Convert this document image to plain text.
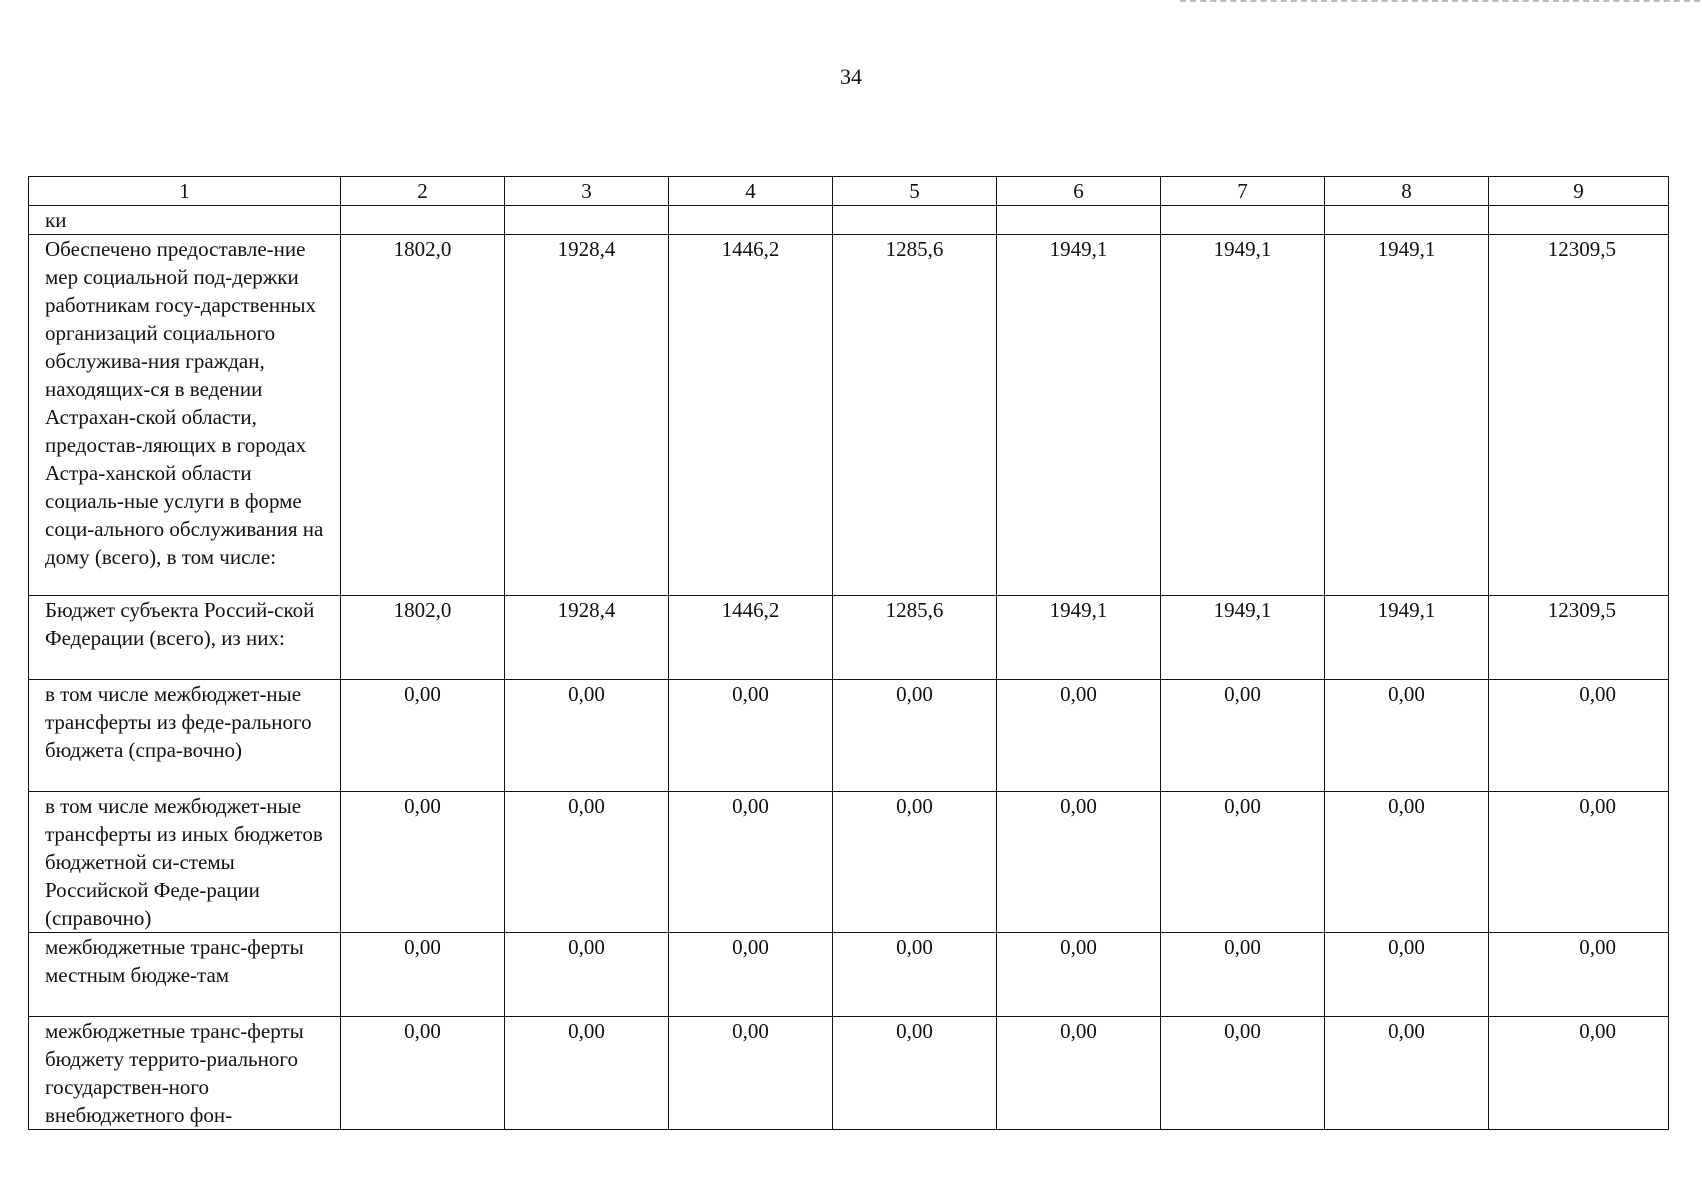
34
1	2	3	4	5	6	7	8	9
ки								
Обеспечено предоставле-ние мер социальной под-держки работникам госу-дарственных организаций социального обслужива-ния граждан, находящих-ся в ведении Астрахан-ской области, предостав-ляющих в городах Астра-ханской области социаль-ные услуги в форме соци-ального обслуживания на дому (всего), в том числе:	1802,0	1928,4	1446,2	1285,6	1949,1	1949,1	1949,1	12309,5
Бюджет субъекта Россий-ской Федерации (всего), из них:	1802,0	1928,4	1446,2	1285,6	1949,1	1949,1	1949,1	12309,5
в том числе межбюджет-ные трансферты из феде-рального бюджета (спра-вочно)	0,00	0,00	0,00	0,00	0,00	0,00	0,00	0,00
в том числе межбюджет-ные трансферты из иных бюджетов бюджетной си-стемы Российской Феде-рации (справочно)	0,00	0,00	0,00	0,00	0,00	0,00	0,00	0,00
межбюджетные транс-ферты местным бюдже-там	0,00	0,00	0,00	0,00	0,00	0,00	0,00	0,00
межбюджетные транс-ферты бюджету террито-риального государствен-ного внебюджетного фон-	0,00	0,00	0,00	0,00	0,00	0,00	0,00	0,00
